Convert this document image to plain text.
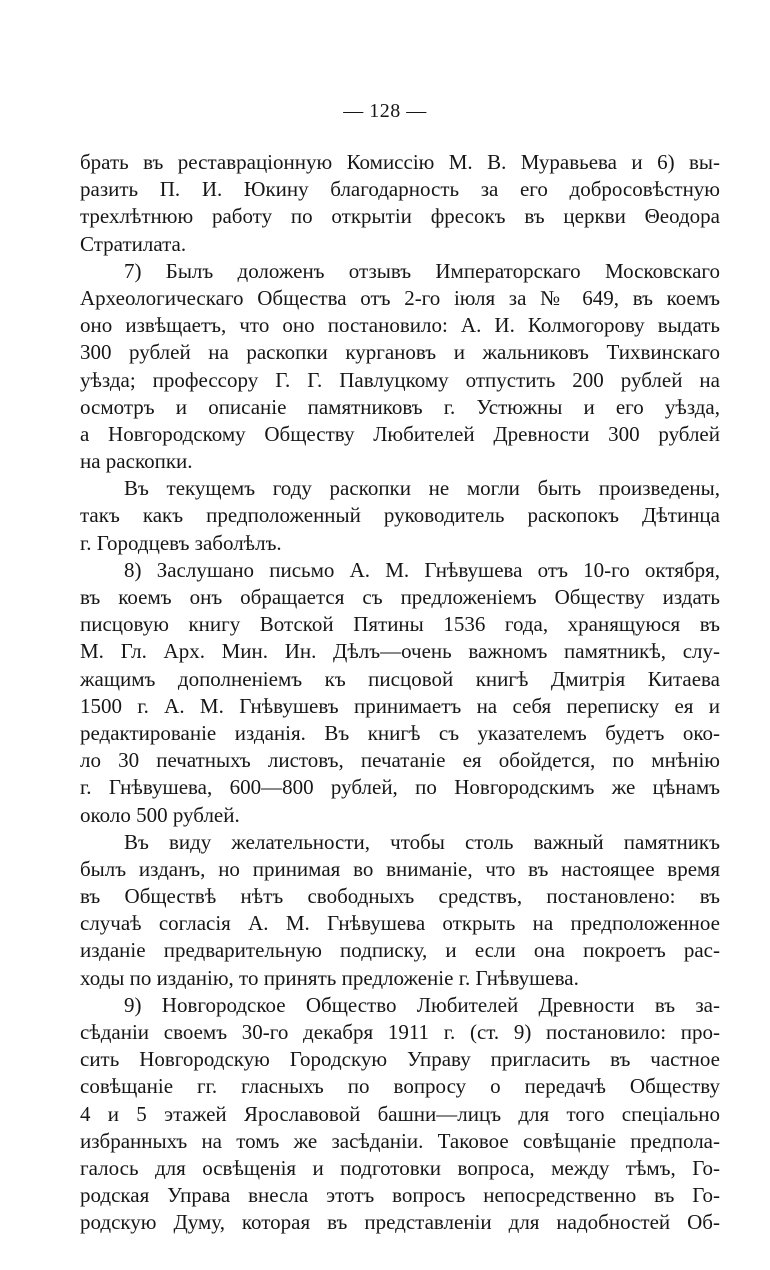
— 128 —
брать въ реставраціонную Комиссію М. В. Муравьева и 6) вы-
разить П. И. Юкину благодарность за его добросовѣстную
трехлѣтнюю работу по открытіи фресокъ въ церкви Θеодора
Стратилата.
7) Былъ доложенъ отзывъ Императорскаго Московскаго
Археологическаго Общества отъ 2-го іюля за № 649, въ коемъ
оно извѣщаетъ, что оно постановило: А. И. Колмогорову выдать
300 рублей на раскопки кургановъ и жальниковъ Тихвинскаго
уѣзда; профессору Г. Г. Павлуцкому отпустить 200 рублей на
осмотръ и описаніе памятниковъ г. Устюжны и его уѣзда,
а Новгородскому Обществу Любителей Древности 300 рублей
на раскопки.
Въ текущемъ году раскопки не могли быть произведены,
такъ какъ предположенный руководитель раскопокъ Дѣтинца
г. Городцевъ заболѣлъ.
8) Заслушано письмо А. М. Гнѣвушева отъ 10-го октября,
въ коемъ онъ обращается съ предложеніемъ Обществу издать
писцовую книгу Вотской Пятины 1536 года, хранящуюся въ
М. Гл. Арх. Мин. Ин. Дѣлъ—очень важномъ памятникѣ, слу-
жащимъ дополненіемъ къ писцовой книгѣ Дмитрія Китаева
1500 г. А. М. Гнѣвушевъ принимаетъ на себя переписку ея и
редактированіе изданія. Въ книгѣ съ указателемъ будетъ око-
ло 30 печатныхъ листовъ, печатаніе ея обойдется, по мнѣнію
г. Гнѣвушева, 600—800 рублей, по Новгородскимъ же цѣнамъ
около 500 рублей.
Въ виду желательности, чтобы столь важный памятникъ
былъ изданъ, но принимая во вниманіе, что въ настоящее время
въ Обществѣ нѣтъ свободныхъ средствъ, постановлено: въ
случаѣ согласія А. М. Гнѣвушева открыть на предположенное
изданіе предварительную подписку, и если она покроетъ рас-
ходы по изданію, то принять предложеніе г. Гнѣвушева.
9) Новгородское Общество Любителей Древности въ за-
сѣданіи своемъ 30-го декабря 1911 г. (ст. 9) постановило: про-
сить Новгородскую Городскую Управу пригласить въ частное
совѣщаніе гг. гласныхъ по вопросу о передачѣ Обществу
4 и 5 этажей Ярославовой башни—лицъ для того спеціально
избранныхъ на томъ же засѣданіи. Таковое совѣщаніе предпола-
галось для освѣщенія и подготовки вопроса, между тѣмъ, Го-
родская Управа внесла этотъ вопросъ непосредственно въ Го-
родскую Думу, которая въ представленіи для надобностей Об-
